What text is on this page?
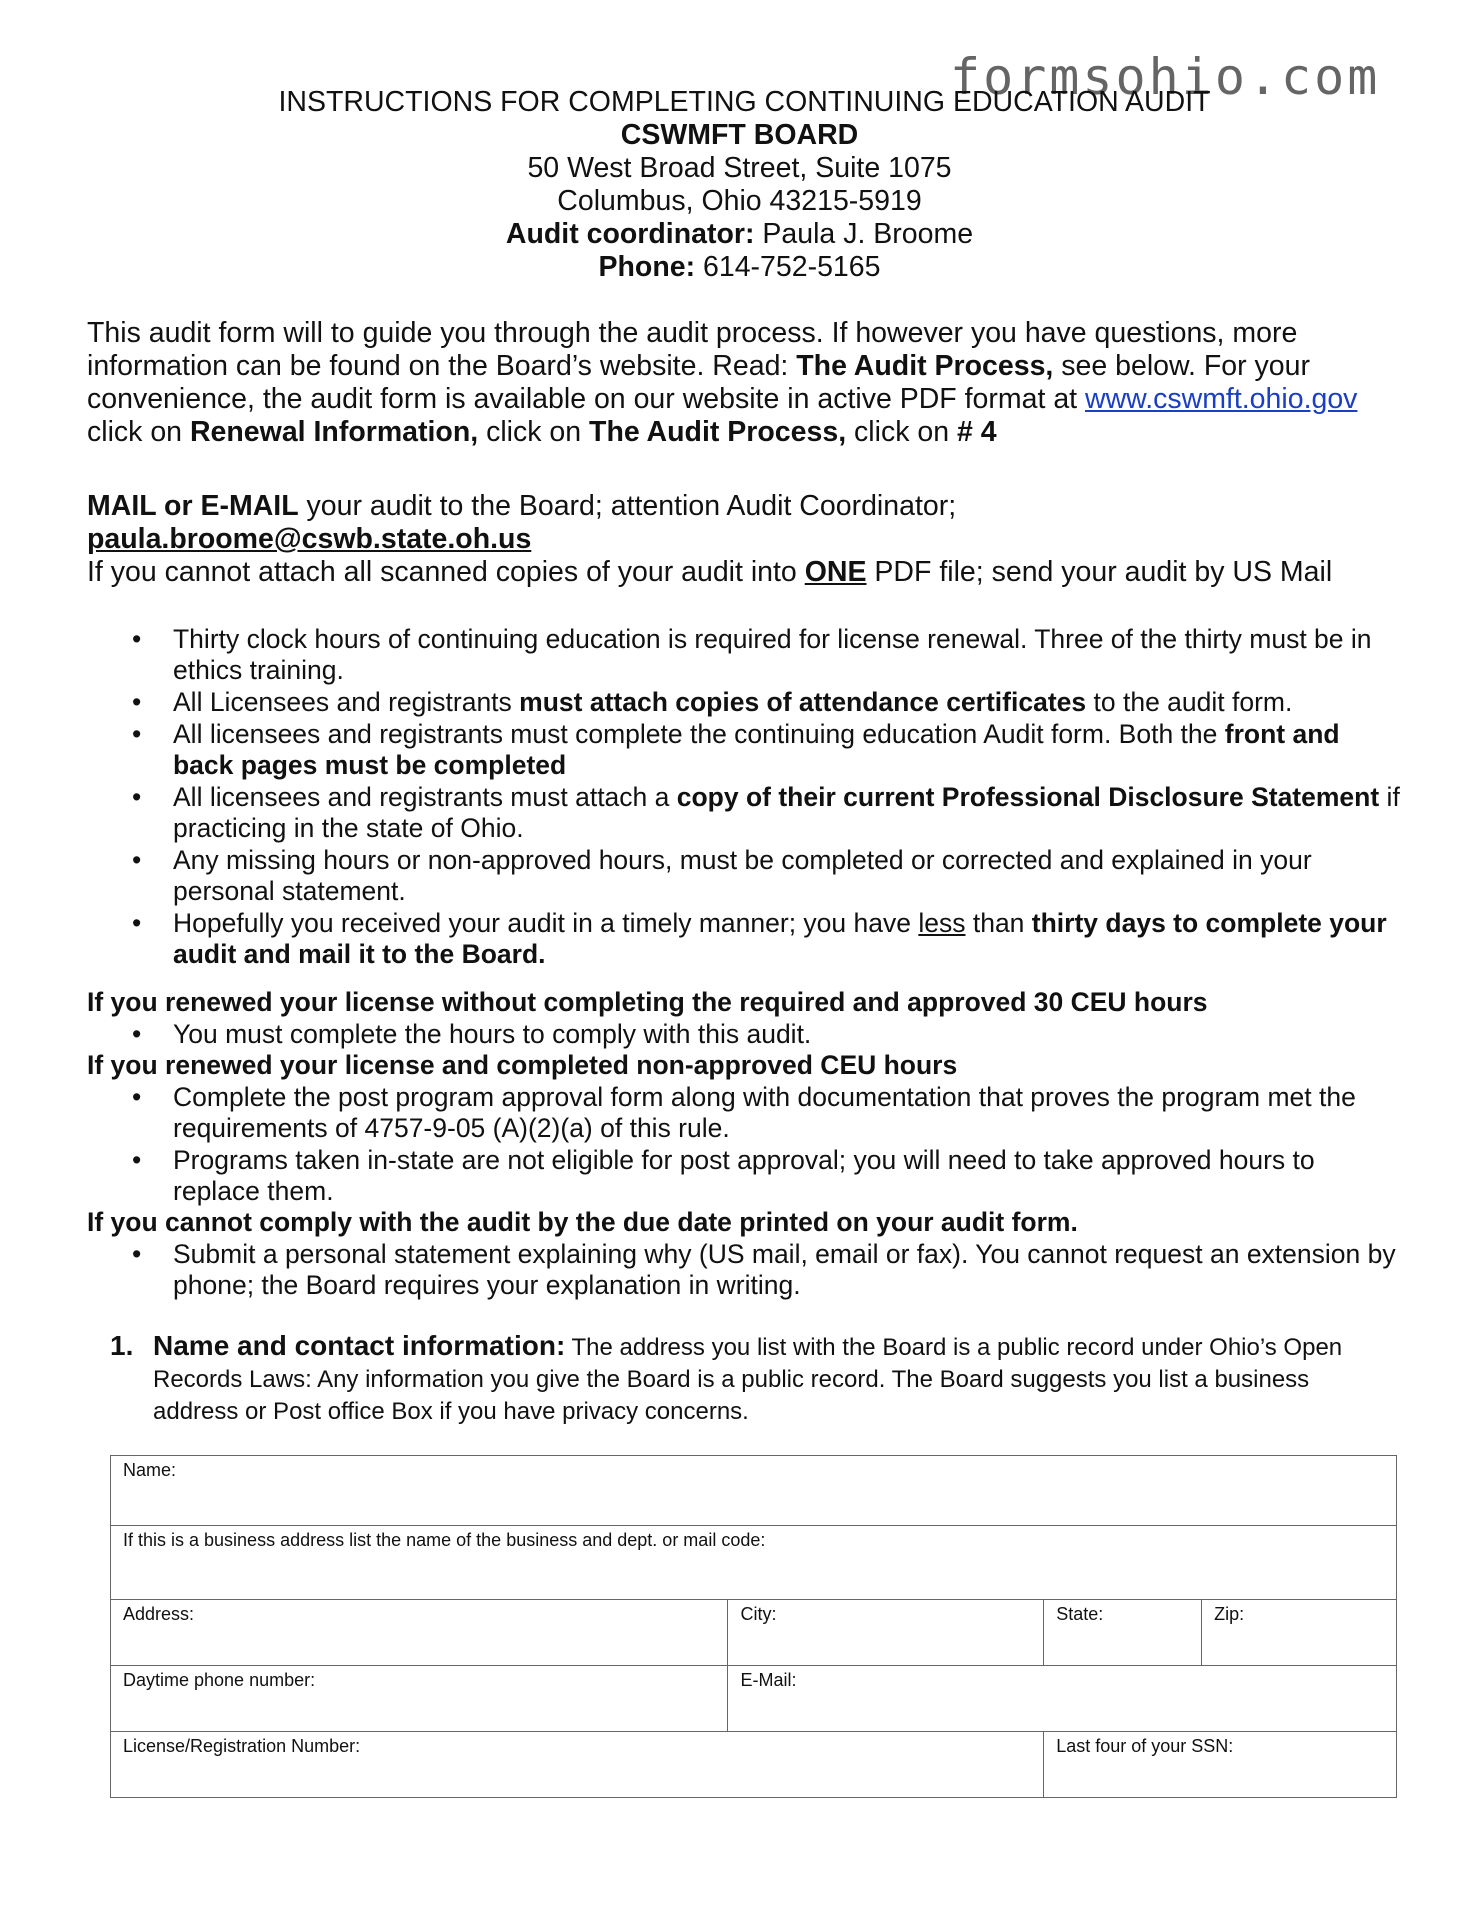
formsohio.com
INSTRUCTIONS FOR COMPLETING CONTINUING EDUCATION AUDIT
CSWMFT BOARD
50 West Broad Street, Suite 1075
Columbus, Ohio 43215-5919
Audit coordinator: Paula J. Broome
Phone: 614-752-5165
This audit form will to guide you through the audit process. If however you have questions, more information can be found on the Board’s website. Read: The Audit Process, see below. For your convenience, the audit form is available on our website in active PDF format at www.cswmft.ohio.gov click on Renewal Information, click on The Audit Process, click on # 4
MAIL or E-MAIL your audit to the Board; attention Audit Coordinator;
paula.broome@cswb.state.oh.us
If you cannot attach all scanned copies of your audit into ONE PDF file; send your audit by US Mail
• Thirty clock hours of continuing education is required for license renewal. Three of the thirty must be in ethics training.
• All Licensees and registrants must attach copies of attendance certificates to the audit form.
• All licensees and registrants must complete the continuing education Audit form. Both the front and back pages must be completed
• All licensees and registrants must attach a copy of their current Professional Disclosure Statement if practicing in the state of Ohio.
• Any missing hours or non-approved hours, must be completed or corrected and explained in your personal statement.
• Hopefully you received your audit in a timely manner; you have less than thirty days to complete your audit and mail it to the Board.
If you renewed your license without completing the required and approved 30 CEU hours
• You must complete the hours to comply with this audit.
If you renewed your license and completed non-approved CEU hours
• Complete the post program approval form along with documentation that proves the program met the requirements of 4757-9-05 (A)(2)(a) of this rule.
• Programs taken in-state are not eligible for post approval; you will need to take approved hours to replace them.
If you cannot comply with the audit by the due date printed on your audit form.
• Submit a personal statement explaining why (US mail, email or fax). You cannot request an extension by phone; the Board requires your explanation in writing.
1. Name and contact information: The address you list with the Board is a public record under Ohio’s Open Records Laws: Any information you give the Board is a public record. The Board suggests you list a business address or Post office Box if you have privacy concerns.
Name:			
If this is a business address list the name of the business and dept. or mail code:			
Address:	City:	State:	Zip:
Daytime phone number:	E-Mail:		
License/Registration Number:		Last four of your SSN:	
